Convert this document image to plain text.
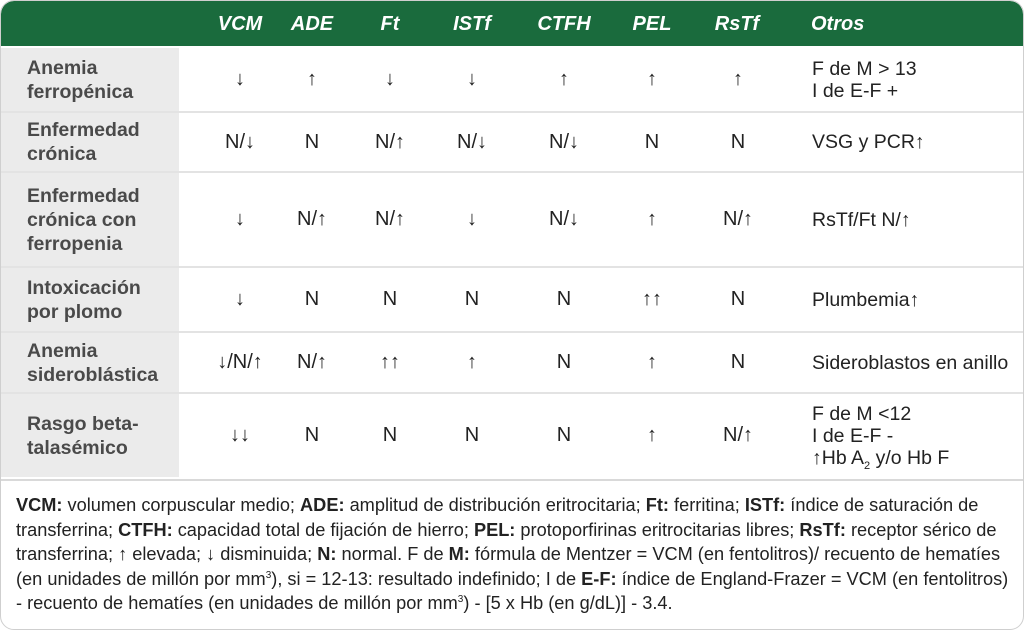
VCM	ADE	Ft	ISTf	CTFH	PEL	RsTf	Otros
Anemia
ferropénica
↓	↑	↓	↓	↑	↑	↑	F de M > 13
I de E-F +
Enfermedad
crónica
N/↓	N	N/↑	N/↓	N/↓	N	N	VSG y PCR↑
Enfermedad
crónica con
ferropenia
↓	N/↑	N/↑	↓	N/↓	↑	N/↑	RsTf/Ft N/↑
Intoxicación
por plomo
↓	N	N	N	N	↑↑	N	Plumbemia↑
Anemia
sideroblástica
↓/N/↑	N/↑	↑↑	↑	N	↑	N	Sideroblastos en anillo
Rasgo beta-
talasémico
↓↓	N	N	N	N	↑	N/↑
F de M <12
I de E-F -
↑Hb $A_2$ y/o Hb F
VCM: volumen corpuscular medio; ADE: amplitud de distribución eritrocitaria; Ft: ferritina; ISTf: índice de saturación de transferrina; CTFH: capacidad total de fijación de hierro; PEL: protoporfirinas eritrocitarias libres; RsTf: receptor sérico de transferrina; ↑ elevada; ↓ disminuida; N: normal. F de M: fórmula de Mentzer = VCM (en fentolitros)/ recuento de hematíes (en unidades de millón por $mm^3$), si = 12-13: resultado indefinido; I de E-F: índice de England-Frazer = VCM (en fentolitros) - recuento de hematíes (en unidades de millón por $mm^3) - [5$ x Hb (en g/dL)] - 3.4.
